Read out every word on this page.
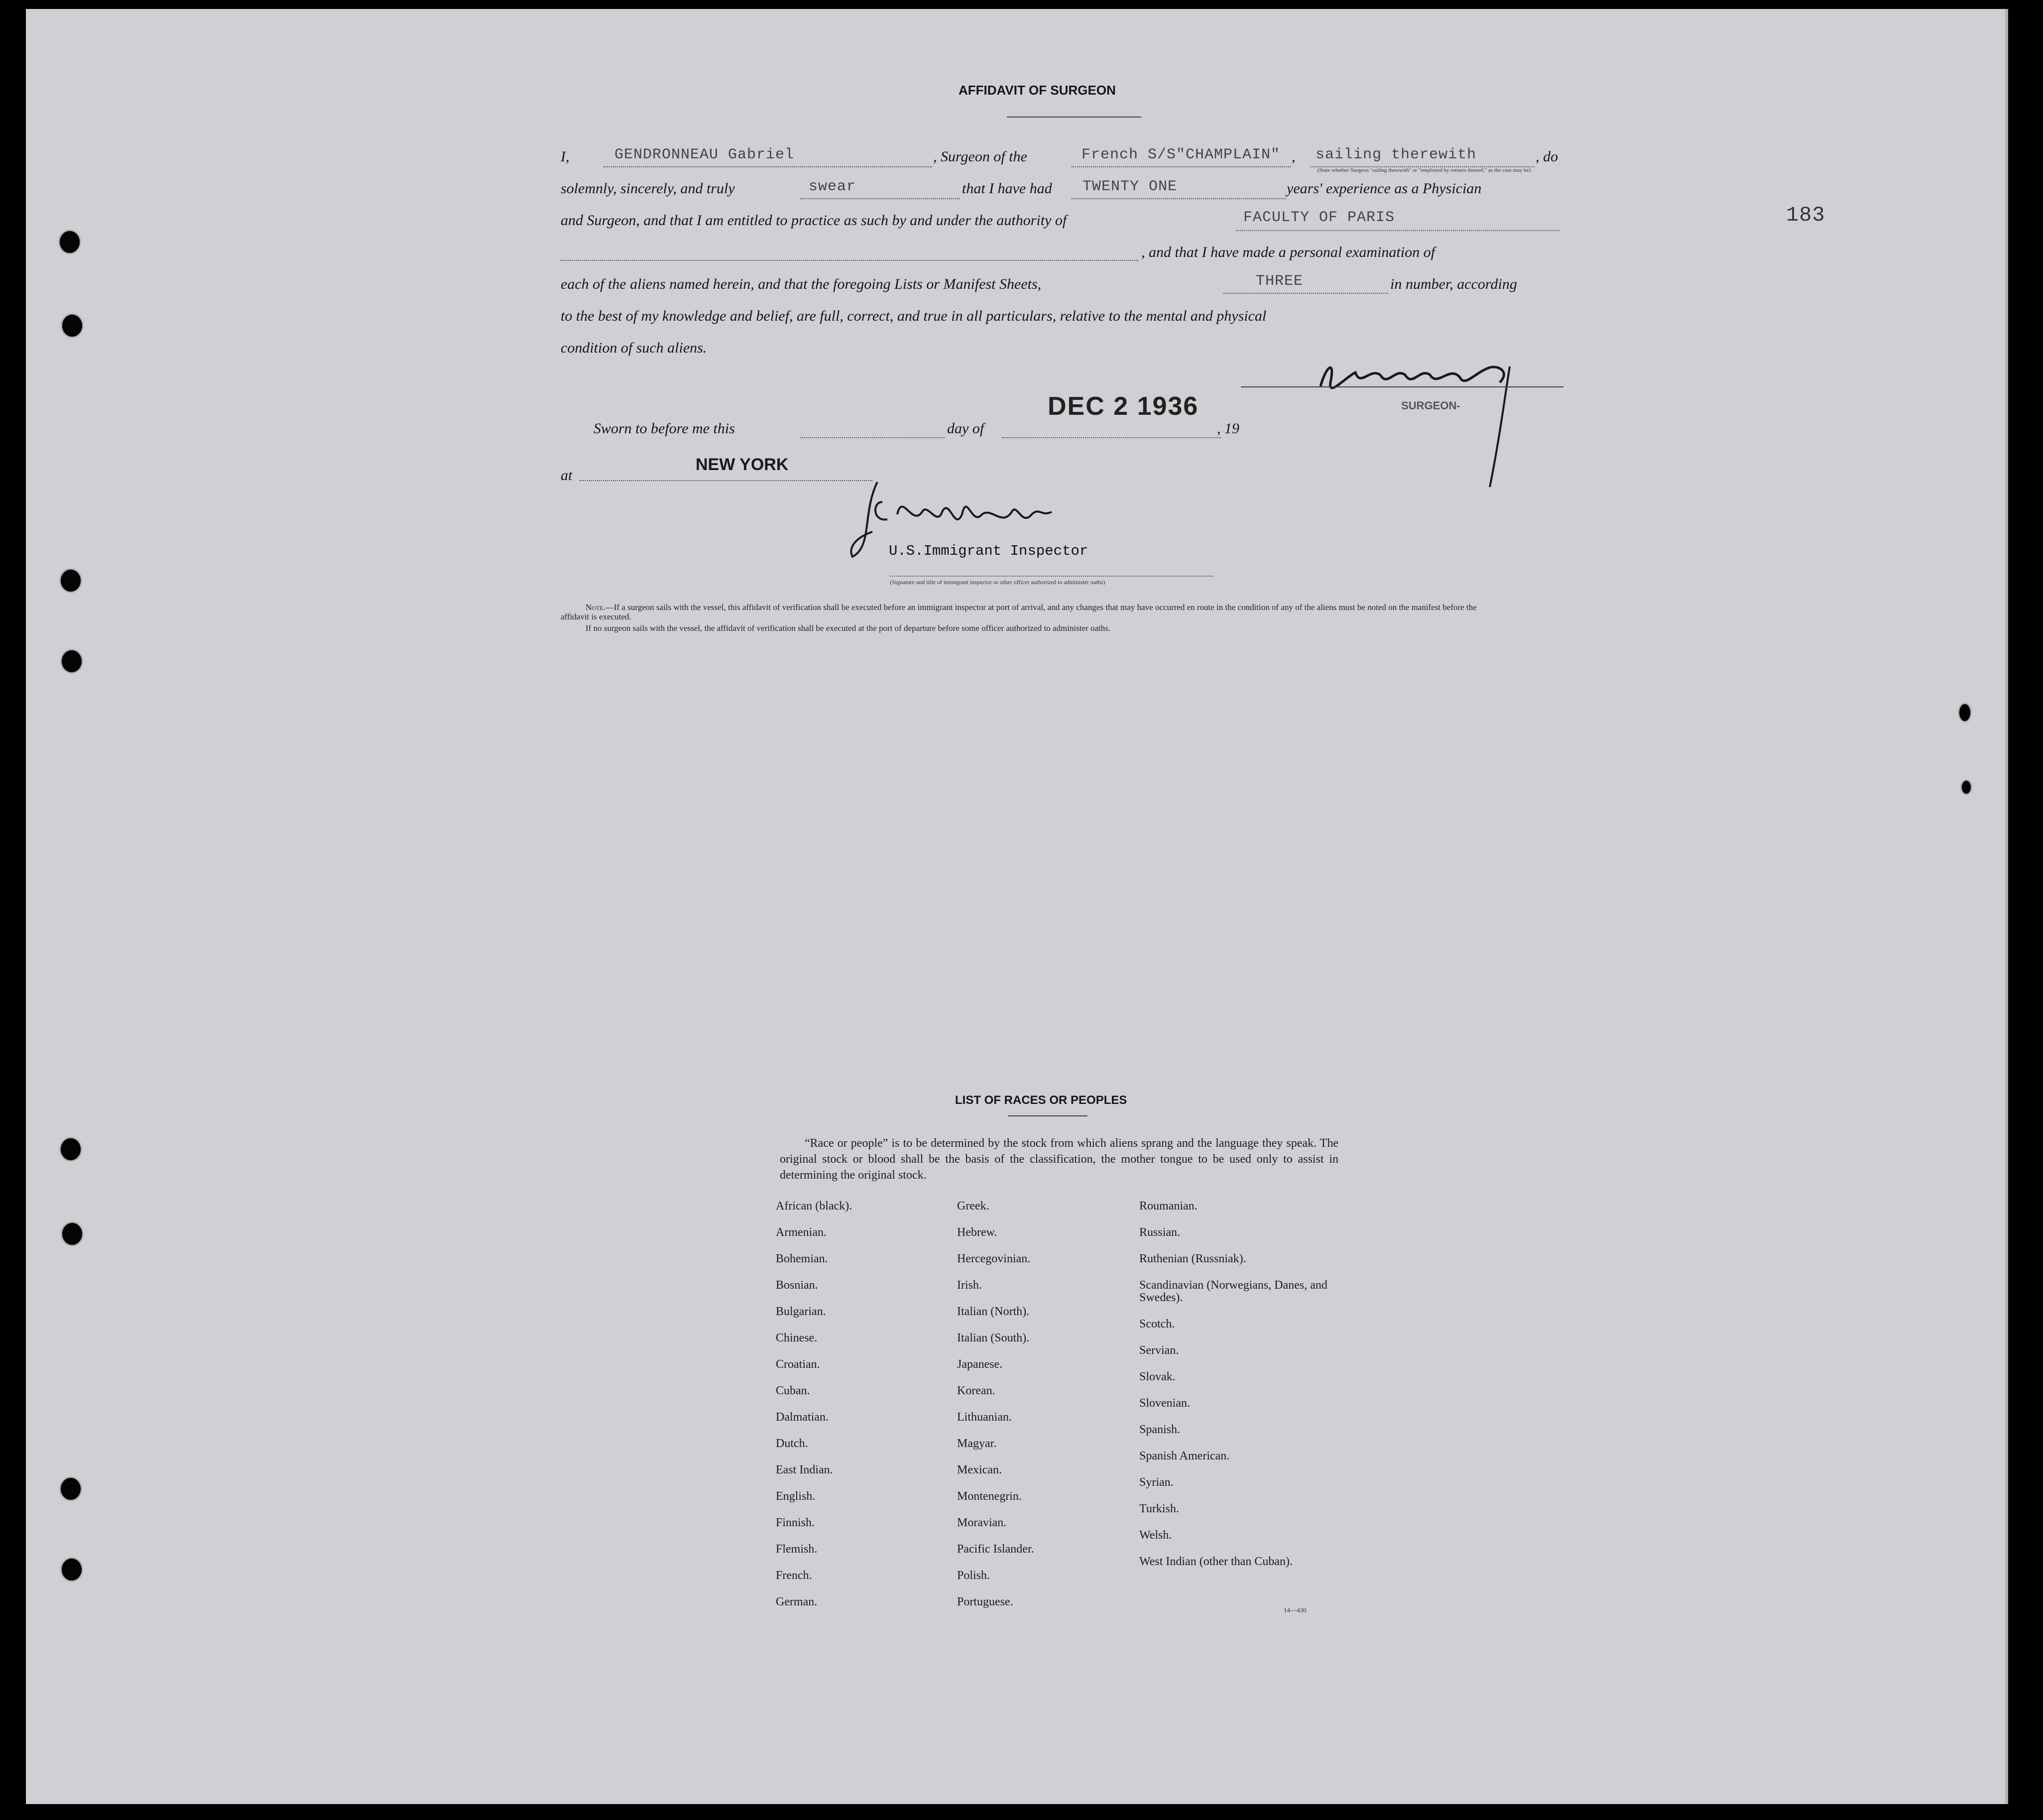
183
AFFIDAVIT OF SURGEON
I,	GENDRONNEAU Gabriel	, Surgeon of the	French S/S"CHAMPLAIN" , sailing therewith	, do
(State whether Surgeon "sailing therewith" or "employed by owners thereof," as the case may be)
solemnly, sincerely, and truly	swear	that I have had TWENTY ONE	years' experience as a Physician
and Surgeon, and that I am entitled to practice as such by and under the authority of	FACULTY OF PARIS
, and that I have made a personal examination of
each of the aliens named herein, and that the foregoing Lists or Manifest Sheets,	THREE	in number, according
to the best of my knowledge and belief, are full, correct, and true in all particulars, relative to the mental and physical
condition of such aliens.
SURGEON-
Sworn to before me this	day of
DEC 2 1936
, 19
at
NEW YORK
U.S.Immigrant Inspector
(Signature and title of immigrant inspector or other officer authorized to administer oaths)
Note.—If a surgeon sails with the vessel, this affidavit of verification shall be executed before an immigrant inspector at port of arrival, and any changes that may have occurred en route in the condition of any of the aliens must be noted on the manifest before the affidavit is executed.
If no surgeon sails with the vessel, the affidavit of verification shall be executed at the port of departure before some officer authorized to administer oaths.
LIST OF RACES OR PEOPLES
“Race or people” is to be determined by the stock from which aliens sprang and the language they speak. The original stock or blood shall be the basis of the classification, the mother tongue to be used only to assist in determining the original stock.
African (black).
Armenian.
Bohemian.
Bosnian.
Bulgarian.
Chinese.
Croatian.
Cuban.
Dalmatian.
Dutch.
East Indian.
English.
Finnish.
Flemish.
French.
German.
Greek.
Hebrew.
Hercegovinian.
Irish.
Italian (North).
Italian (South).
Japanese.
Korean.
Lithuanian.
Magyar.
Mexican.
Montenegrin.
Moravian.
Pacific Islander.
Polish.
Portuguese.
Roumanian.
Russian.
Ruthenian (Russniak).
Scandinavian (Norwegians, Danes, and Swedes).
Scotch.
Servian.
Slovak.
Slovenian.
Spanish.
Spanish American.
Syrian.
Turkish.
Welsh.
West Indian (other than Cuban).
14—430
